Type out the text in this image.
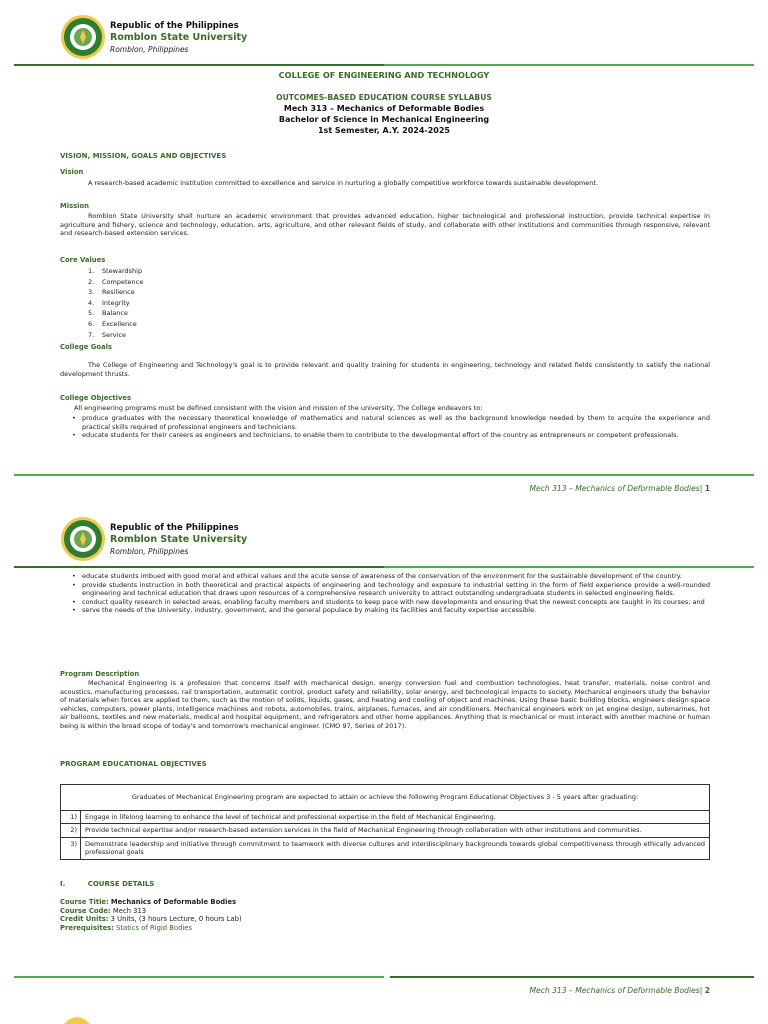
Republic of the Philippines
Romblon State University
Romblon, Philippines
COLLEGE OF ENGINEERING AND TECHNOLOGY
OUTCOMES-BASED EDUCATION COURSE SYLLABUS
Mech 313 – Mechanics of Deformable Bodies
Bachelor of Science in Mechanical Engineering
1st Semester, A.Y. 2024-2025
VISION, MISSION, GOALS AND OBJECTIVES
Vision
A research-based academic institution committed to excellence and service in nurturing a globally competitive workforce towards sustainable development.
Mission
Romblon State University shall nurture an academic environment that provides advanced education, higher technological and professional instruction, provide technical expertise in agriculture and fishery, science and technology, education, arts, agriculture, and other relevant fields of study, and collaborate with other institutions and communities through responsive, relevant and research-based extension services.
Core Values
1. Stewardship
2. Competence
3. Resilience
4. Integrity
5. Balance
6. Excellence
7. Service
College Goals
The College of Engineering and Technology's goal is to provide relevant and quality training for students in engineering, technology and related fields consistently to satisfy the national development thrusts.
College Objectives
All engineering programs must be defined consistent with the vision and mission of the university, The College endeavors to:
• produce graduates with the necessary theoretical knowledge of mathematics and natural sciences as well as the background knowledge needed by them to acquire the experience and practical skills required of professional engineers and technicians.
• educate students for their careers as engineers and technicians, to enable them to contribute to the developmental effort of the country as entrepreneurs or competent professionals.
Mech 313 – Mechanics of Deformable Bodies| 1
Republic of the Philippines
Romblon State University
Romblon, Philippines
• educate students imbued with good moral and ethical values and the acute sense of awareness of the conservation of the environment for the sustainable development of the country.
• provide students instruction in both theoretical and practical aspects of engineering and technology and exposure to industrial setting in the form of field experience provide a well-rounded engineering and technical education that draws upon resources of a comprehensive research university to attract outstanding undergraduate students in selected engineering fields.
• conduct quality research in selected areas, enabling faculty members and students to keep pace with new developments and ensuring that the newest concepts are taught in its courses; and
• serve the needs of the University, industry, government, and the general populace by making its facilities and faculty expertise accessible.
Program Description
Mechanical Engineering is a profession that concerns itself with mechanical design, energy conversion fuel and combustion technologies, heat transfer, materials, noise control and acoustics, manufacturing processes, rail transportation, automatic control, product safety and reliability, solar energy, and technological impacts to society. Mechanical engineers study the behavior of materials when forces are applied to them, such as the motion of solids, liquids, gases, and heating and cooling of object and machines. Using these basic building blocks, engineers design space vehicles, computers, power plants, intelligence machines and robots, automobiles, trains, airplanes, furnaces, and air conditioners. Mechanical engineers work on jet engine design, submarines, hot air balloons, textiles and new materials, medical and hospital equipment, and refrigerators and other home appliances. Anything that is mechanical or must interact with another machine or human being is within the broad scope of today's and tomorrow's mechanical engineer. (CMO 97, Series of 2017).
PROGRAM EDUCATIONAL OBJECTIVES
Graduates of Mechanical Engineering program are expected to attain or achieve the following Program Educational Objectives 3 - 5 years after graduating:	
1)	Engage in lifelong learning to enhance the level of technical and professional expertise in the field of Mechanical Engineering.
2)	Provide technical expertise and/or research-based extension services in the field of Mechanical Engineering through collaboration with other institutions and communities.
3)	Demonstrate leadership and initiative through commitment to teamwork with diverse cultures and interdisciplinary backgrounds towards global competitiveness through ethically advanced professional goals
I.	COURSE DETAILS
Course Title: Mechanics of Deformable Bodies
Course Code: Mech 313
Credit Units: 3 Units, (3 hours Lecture, 0 hours Lab)
Prerequisites: Statics of Rigid Bodies
Mech 313 – Mechanics of Deformable Bodies| 2
